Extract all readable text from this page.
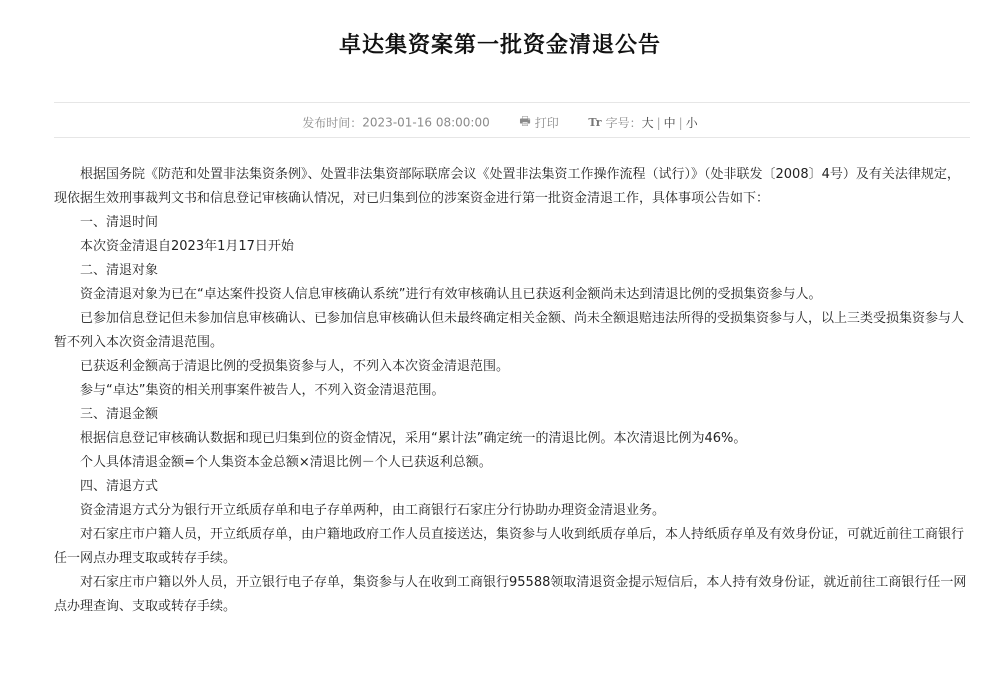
卓达集资案第一批资金清退公告
发布时间：2023-01-16 08:00:00 🖶 打印	Tr 字号：大 | 中 | 小

根据国务院《防范和处置非法集资条例》、处置非法集资部际联席会议《处置非法集资工作操作流程（试行）》（处非联发〔2008〕4号）及有关法律规定，现依据生效刑事裁判文书和信息登记审核确认情况，对已归集到位的涉案资金进行第一批资金清退工作，具体事项公告如下：

一、清退时间

本次资金清退自2023年1月17日开始

二、清退对象

资金清退对象为已在“卓达案件投资人信息审核确认系统”进行有效审核确认且已获返利金额尚未达到清退比例的受损集资参与人。

已参加信息登记但未参加信息审核确认、已参加信息审核确认但未最终确定相关金额、尚未全额退赔违法所得的受损集资参与人，以上三类受损集资参与人暂不列入本次资金清退范围。

已获返利金额高于清退比例的受损集资参与人，不列入本次资金清退范围。

参与“卓达”集资的相关刑事案件被告人，不列入资金清退范围。

三、清退金额

根据信息登记审核确认数据和现已归集到位的资金情况，采用“累计法”确定统一的清退比例。本次清退比例为46%。

个人具体清退金额=个人集资本金总额×清退比例－个人已获返利总额。

四、清退方式

资金清退方式分为银行开立纸质存单和电子存单两种，由工商银行石家庄分行协助办理资金清退业务。

对石家庄市户籍人员，开立纸质存单，由户籍地政府工作人员直接送达，集资参与人收到纸质存单后，本人持纸质存单及有效身份证，可就近前往工商银行任一网点办理支取或转存手续。

对石家庄市户籍以外人员，开立银行电子存单，集资参与人在收到工商银行95588领取清退资金提示短信后，本人持有效身份证，就近前往工商银行任一网点办理查询、支取或转存手续。
